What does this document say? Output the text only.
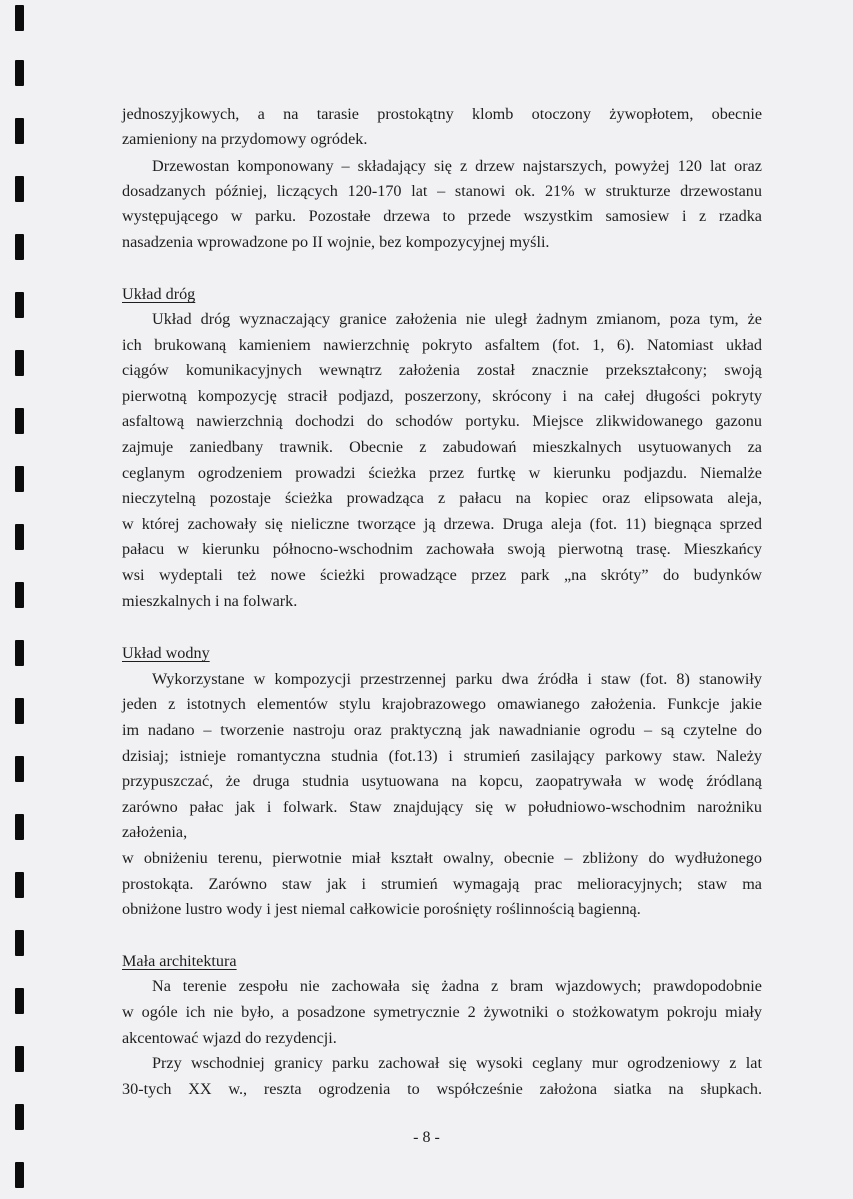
jednoszyjkowych, a na tarasie prostokątny klomb otoczony żywopłotem, obecnie
zamieniony na przydomowy ogródek.
Drzewostan komponowany – składający się z drzew najstarszych, powyżej 120 lat oraz
dosadzanych później, liczących 120-170 lat – stanowi ok. 21% w strukturze drzewostanu
występującego w parku. Pozostałe drzewa to przede wszystkim samosiew i z rzadka
nasadzenia wprowadzone po II wojnie, bez kompozycyjnej myśli.
Układ dróg
Układ dróg wyznaczający granice założenia nie uległ żadnym zmianom, poza tym, że
ich brukowaną kamieniem nawierzchnię pokryto asfaltem (fot. 1, 6). Natomiast układ
ciągów komunikacyjnych wewnątrz założenia został znacznie przekształcony; swoją
pierwotną kompozycję stracił podjazd, poszerzony, skrócony i na całej długości pokryty
asfaltową nawierzchnią dochodzi do schodów portyku. Miejsce zlikwidowanego gazonu
zajmuje zaniedbany trawnik. Obecnie z zabudowań mieszkalnych usytuowanych za
ceglanym ogrodzeniem prowadzi ścieżka przez furtkę w kierunku podjazdu. Niemalże
nieczytelną pozostaje ścieżka prowadząca z pałacu na kopiec oraz elipsowata aleja,
w której zachowały się nieliczne tworzące ją drzewa. Druga aleja (fot. 11) biegnąca sprzed
pałacu w kierunku północno-wschodnim zachowała swoją pierwotną trasę. Mieszkańcy
wsi wydeptali też nowe ścieżki prowadzące przez park „na skróty” do budynków
mieszkalnych i na folwark.
Układ wodny
Wykorzystane w kompozycji przestrzennej parku dwa źródła i staw (fot. 8) stanowiły
jeden z istotnych elementów stylu krajobrazowego omawianego założenia. Funkcje jakie
im nadano – tworzenie nastroju oraz praktyczną jak nawadnianie ogrodu – są czytelne do
dzisiaj; istnieje romantyczna studnia (fot.13) i strumień zasilający parkowy staw. Należy
przypuszczać, że druga studnia usytuowana na kopcu, zaopatrywała w wodę źródlaną
zarówno pałac jak i folwark. Staw znajdujący się w południowo-wschodnim narożniku
założenia,
w obniżeniu terenu, pierwotnie miał kształt owalny, obecnie – zbliżony do wydłużonego
prostokąta. Zarówno staw jak i strumień wymagają prac melioracyjnych; staw ma
obniżone lustro wody i jest niemal całkowicie porośnięty roślinnością bagienną.
Mała architektura
Na terenie zespołu nie zachowała się żadna z bram wjazdowych; prawdopodobnie
w ogóle ich nie było, a posadzone symetrycznie 2 żywotniki o stożkowatym pokroju miały
akcentować wjazd do rezydencji.
Przy wschodniej granicy parku zachował się wysoki ceglany mur ogrodzeniowy z lat
30-tych XX w., reszta ogrodzenia to współcześnie założona siatka na słupkach.
- 8 -
